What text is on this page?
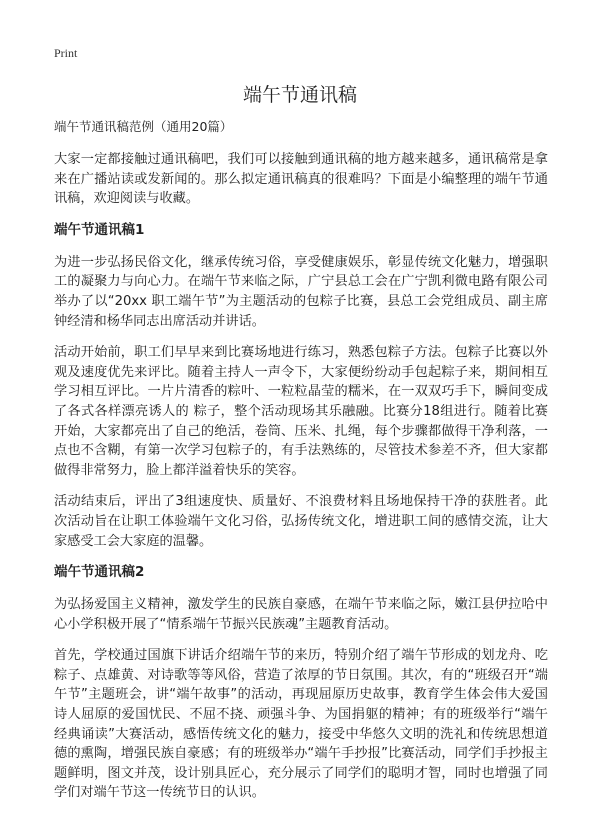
Print
端午节通讯稿
端午节通讯稿范例（通用20篇）

大家一定都接触过通讯稿吧，我们可以接触到通讯稿的地方越来越多，通讯稿常是拿来在广播站读或发新闻的。那么拟定通讯稿真的很难吗？下面是小编整理的端午节通讯稿，欢迎阅读与收藏。

端午节通讯稿1

为进一步弘扬民俗文化，继承传统习俗，享受健康娱乐，彰显传统文化魅力，增强职工的凝聚力与向心力。在端午节来临之际，广宁县总工会在广宁凯利微电路有限公司举办了以“20xx 职工端午节”为主题活动的包粽子比赛，县总工会党组成员、副主席钟经清和杨华同志出席活动并讲话。

活动开始前，职工们早早来到比赛场地进行练习，熟悉包粽子方法。包粽子比赛以外观及速度优先来评比。随着主持人一声令下，大家便纷纷动手包起粽子来，期间相互学习相互评比。一片片清香的粽叶、一粒粒晶莹的糯米，在一双双巧手下，瞬间变成了各式各样漂亮诱人的 粽子，整个活动现场其乐融融。比赛分18组进行。随着比赛开始，大家都亮出了自己的绝活，卷筒、压米、扎绳，每个步骤都做得干净利落，一点也不含糊，有第一次学习包粽子的，有手法熟练的，尽管技术参差不齐，但大家都做得非常努力，脸上都洋溢着快乐的笑容。

活动结束后，评出了3组速度快、质量好、不浪费材料且场地保持干净的获胜者。此次活动旨在让职工体验端午文化习俗，弘扬传统文化，增进职工间的感情交流，让大家感受工会大家庭的温馨。

端午节通讯稿2

为弘扬爱国主义精神，激发学生的民族自豪感，在端午节来临之际，嫩江县伊拉哈中心小学积极开展了“情系端午节振兴民族魂”主题教育活动。

首先，学校通过国旗下讲话介绍端午节的来历，特别介绍了端午节形成的划龙舟、吃粽子、点雄黄、对诗歌等等风俗，营造了浓厚的节日氛围。其次，有的“班级召开“端午节”主题班会，讲“端午故事”的活动，再现屈原历史故事，教育学生体会伟大爱国诗人屈原的爱国忧民、不屈不挠、顽强斗争、为国捐躯的精神；有的班级举行“端午经典诵读”大赛活动，感悟传统文化的魅力，接受中华悠久文明的洗礼和传统思想道德的熏陶，增强民族自豪感；有的班级举办“端午手抄报”比赛活动，同学们手抄报主题鲜明，图文并茂，设计别具匠心，充分展示了同学们的聪明才智，同时也增强了同学们对端午节这一传统节日的认识。
